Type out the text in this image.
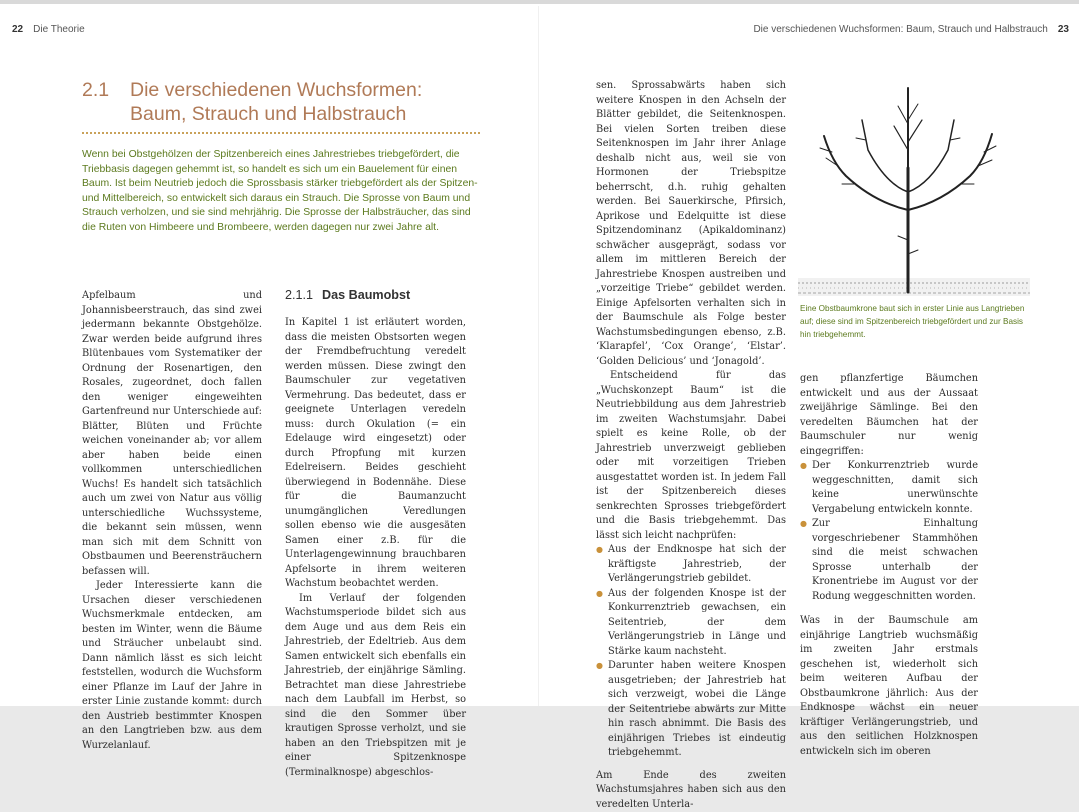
22 Die Theorie	Die verschiedenen Wuchsformen: Baum, Strauch und Halbstrauch 23
2.1 Die verschiedenen Wuchsformen: Baum, Strauch und Halbstrauch
Wenn bei Obstgehölzen der Spitzenbereich eines Jahrestriebes triebgefördert, die Triebbasis dagegen gehemmt ist, so handelt es sich um ein Bauelement für einen Baum. Ist beim Neutrieb jedoch die Sprossbasis stärker triebgefördert als der Spitzen- und Mittelbereich, so entwickelt sich daraus ein Strauch. Die Sprosse von Baum und Strauch verholzen, und sie sind mehrjährig. Die Sprosse der Halbsträucher, das sind die Ruten von Himbeere und Brombeere, werden dagegen nur zwei Jahre alt.

Apfelbaum und Johannisbeerstrauch, das sind zwei jedermann bekannte Obstgehölze. Zwar werden beide aufgrund ihres Blütenbaues vom Systematiker der Ordnung der Rosenartigen, den Rosales, zugeordnet, doch fallen den weniger eingeweihten Gartenfreund nur Unterschiede auf: Blätter, Blüten und Früchte weichen voneinander ab; vor allem aber haben beide einen vollkommen unterschiedlichen Wuchs! Es handelt sich tatsächlich auch um zwei von Natur aus völlig unterschiedliche Wuchssysteme, die bekannt sein müssen, wenn man sich mit dem Schnitt von Obstbaumen und Beerensträuchern befassen will.

Jeder Interessierte kann die Ursachen dieser verschiedenen Wuchsmerkmale entdecken, am besten im Winter, wenn die Bäume und Sträucher unbelaubt sind. Dann nämlich lässt es sich leicht feststellen, wodurch die Wuchsform einer Pflanze im Lauf der Jahre in erster Linie zustande kommt: durch den Austrieb bestimmter Knospen an den Langtrieben bzw. aus dem Wurzelanlauf.

2.1.1 Das Baumobst

In Kapitel 1 ist erläutert worden, dass die meisten Obstsorten wegen der Fremdbefruchtung veredelt werden müssen. Diese zwingt den Baumschuler zur vegetativen Vermehrung. Das bedeutet, dass er geeignete Unterlagen veredeln muss: durch Okulation (= ein Edelauge wird eingesetzt) oder durch Pfropfung mit kurzen Edelreisern. Beides geschieht überwiegend in Bodennähe. Diese für die Baumanzucht unumgänglichen Veredlungen sollen ebenso wie die ausgesäten Samen einer z.B. für die Unterlagengewinnung brauchbaren Apfelsorte in ihrem weiteren Wachstum beobachtet werden.

Im Verlauf der folgenden Wachstumsperiode bildet sich aus dem Auge und aus dem Reis ein Jahrestrieb, der Edeltrieb. Aus dem Samen entwickelt sich ebenfalls ein Jahrestrieb, der einjährige Sämling. Betrachtet man diese Jahrestriebe nach dem Laubfall im Herbst, so sind die den Sommer über krautigen Sprosse verholzt, und sie haben an den Triebspitzen mit je einer Spitzenknospe (Terminalknospe) abgeschlos-

sen. Sprossabwärts haben sich weitere Knospen in den Achseln der Blätter gebildet, die Seitenknospen. Bei vielen Sorten treiben diese Seitenknospen im Jahr ihrer Anlage deshalb nicht aus, weil sie von Hormonen der Triebspitze beherrscht, d.h. ruhig gehalten werden. Bei Sauerkirsche, Pfirsich, Aprikose und Edelquitte ist diese Spitzendominanz (Apikaldominanz) schwächer ausgeprägt, sodass vor allem im mittleren Bereich der Jahrestriebe Knospen austreiben und „vorzeitige Triebe“ gebildet werden. Einige Apfelsorten verhalten sich in der Baumschule als Folge bester Wachstumsbedingungen ebenso, z.B. ‘Klarapfel’, ‘Cox Orange’, ‘Elstar’. ‘Golden Delicious’ und ‘Jonagold’.

Entscheidend für das „Wuchskonzept Baum“ ist die Neutriebbildung aus dem Jahrestrieb im zweiten Wachstumsjahr. Dabei spielt es keine Rolle, ob der Jahrestrieb unverzweigt geblieben oder mit vorzeitigen Trieben ausgestattet worden ist. In jedem Fall ist der Spitzenbereich dieses senkrechten Sprosses triebgefördert und die Basis triebgehemmt. Das lässt sich leicht nachprüfen:

● Aus der Endknospe hat sich der kräftigste Jahrestrieb, der Verlängerungstrieb gebildet.
● Aus der folgenden Knospe ist der Konkurrenztrieb gewachsen, ein Seitentrieb, der dem Verlängerungstrieb in Länge und Stärke kaum nachsteht.
● Darunter haben weitere Knospen ausgetrieben; der Jahrestrieb hat sich verzweigt, wobei die Länge der Seitentriebe abwärts zur Mitte hin rasch abnimmt. Die Basis des einjährigen Triebes ist eindeutig triebgehemmt.

Am Ende des zweiten Wachstumsjahres haben sich aus den veredelten Unterla-

Eine Obstbaumkrone baut sich in erster Linie aus Langtrieben auf; diese sind im Spitzenbereich triebgefördert und zur Basis hin triebgehemmt.

gen pflanzfertige Bäumchen entwickelt und aus der Aussaat zweijährige Sämlinge. Bei den veredelten Bäumchen hat der Baumschuler nur wenig eingegriffen:

● Der Konkurrenztrieb wurde weggeschnitten, damit sich keine unerwünschte Vergabelung entwickeln konnte.
● Zur Einhaltung vorgeschriebener Stammhöhen sind die meist schwachen Sprosse unterhalb der Kronentriebe im August vor der Rodung weggeschnitten worden.

Was in der Baumschule am einjährige Langtrieb wuchsmäßig im zweiten Jahr erstmals geschehen ist, wiederholt sich beim weiteren Aufbau der Obstbaumkrone jährlich: Aus der Endknospe wächst ein neuer kräftiger Verlängerungstrieb, und aus den seitlichen Holzknospen entwickeln sich im oberen
